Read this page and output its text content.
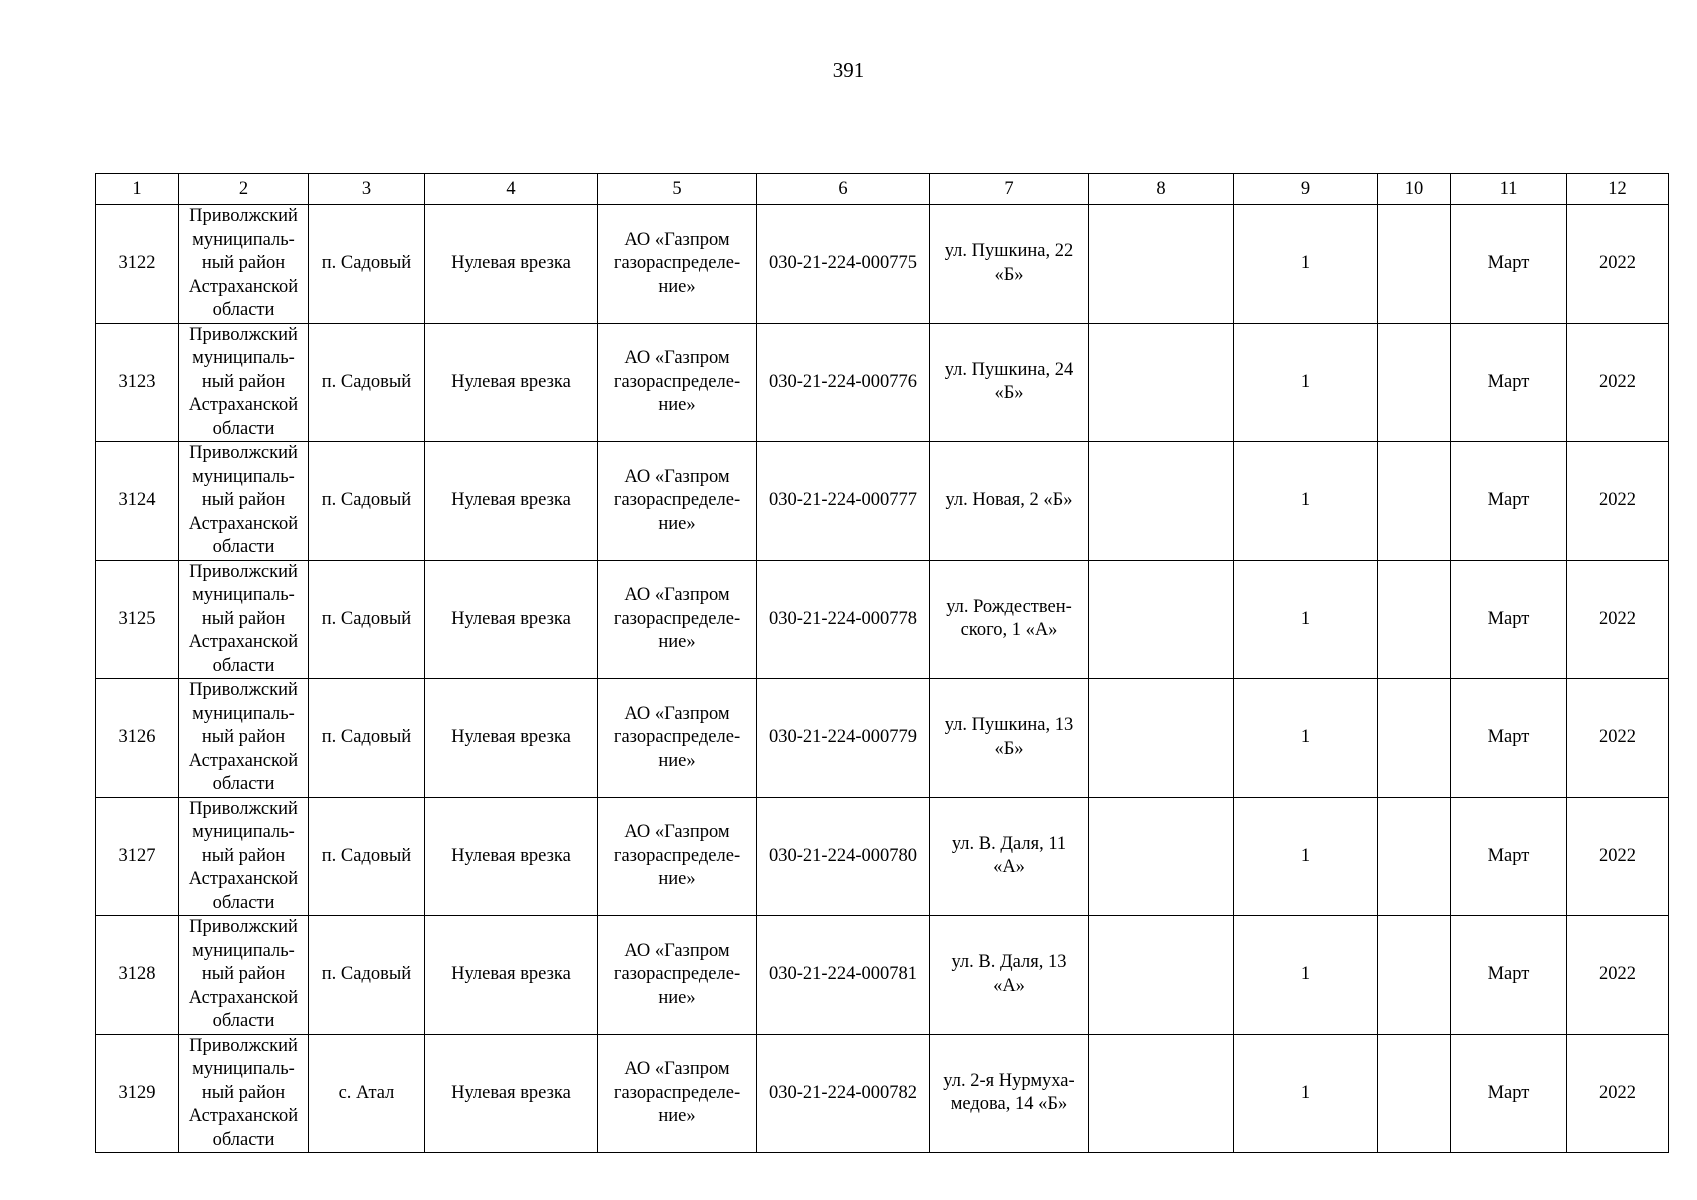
391
1	2	3	4	5	6	7	8	9	10	11	12
3122	Приволжский
муниципаль-
ный район
Астраханской
области	п. Садовый	Нулевая врезка	АО «Газпром
газораспределе-
ние»	030-21-224-000775	ул. Пушкина, 22
«Б»		1		Март	2022
3123	Приволжский
муниципаль-
ный район
Астраханской
области	п. Садовый	Нулевая врезка	АО «Газпром
газораспределе-
ние»	030-21-224-000776	ул. Пушкина, 24
«Б»		1		Март	2022
3124	Приволжский
муниципаль-
ный район
Астраханской
области	п. Садовый	Нулевая врезка	АО «Газпром
газораспределе-
ние»	030-21-224-000777	ул. Новая, 2 «Б»		1		Март	2022
3125	Приволжский
муниципаль-
ный район
Астраханской
области	п. Садовый	Нулевая врезка	АО «Газпром
газораспределе-
ние»	030-21-224-000778	ул. Рождествен-
ского, 1 «А»		1		Март	2022
3126	Приволжский
муниципаль-
ный район
Астраханской
области	п. Садовый	Нулевая врезка	АО «Газпром
газораспределе-
ние»	030-21-224-000779	ул. Пушкина, 13
«Б»		1		Март	2022
3127	Приволжский
муниципаль-
ный район
Астраханской
области	п. Садовый	Нулевая врезка	АО «Газпром
газораспределе-
ние»	030-21-224-000780	ул. В. Даля, 11
«А»		1		Март	2022
3128	Приволжский
муниципаль-
ный район
Астраханской
области	п. Садовый	Нулевая врезка	АО «Газпром
газораспределе-
ние»	030-21-224-000781	ул. В. Даля, 13
«А»		1		Март	2022
3129	Приволжский
муниципаль-
ный район
Астраханской
области	с. Атал	Нулевая врезка	АО «Газпром
газораспределе-
ние»	030-21-224-000782	ул. 2-я Нурмуха-
медова, 14 «Б»		1		Март	2022
